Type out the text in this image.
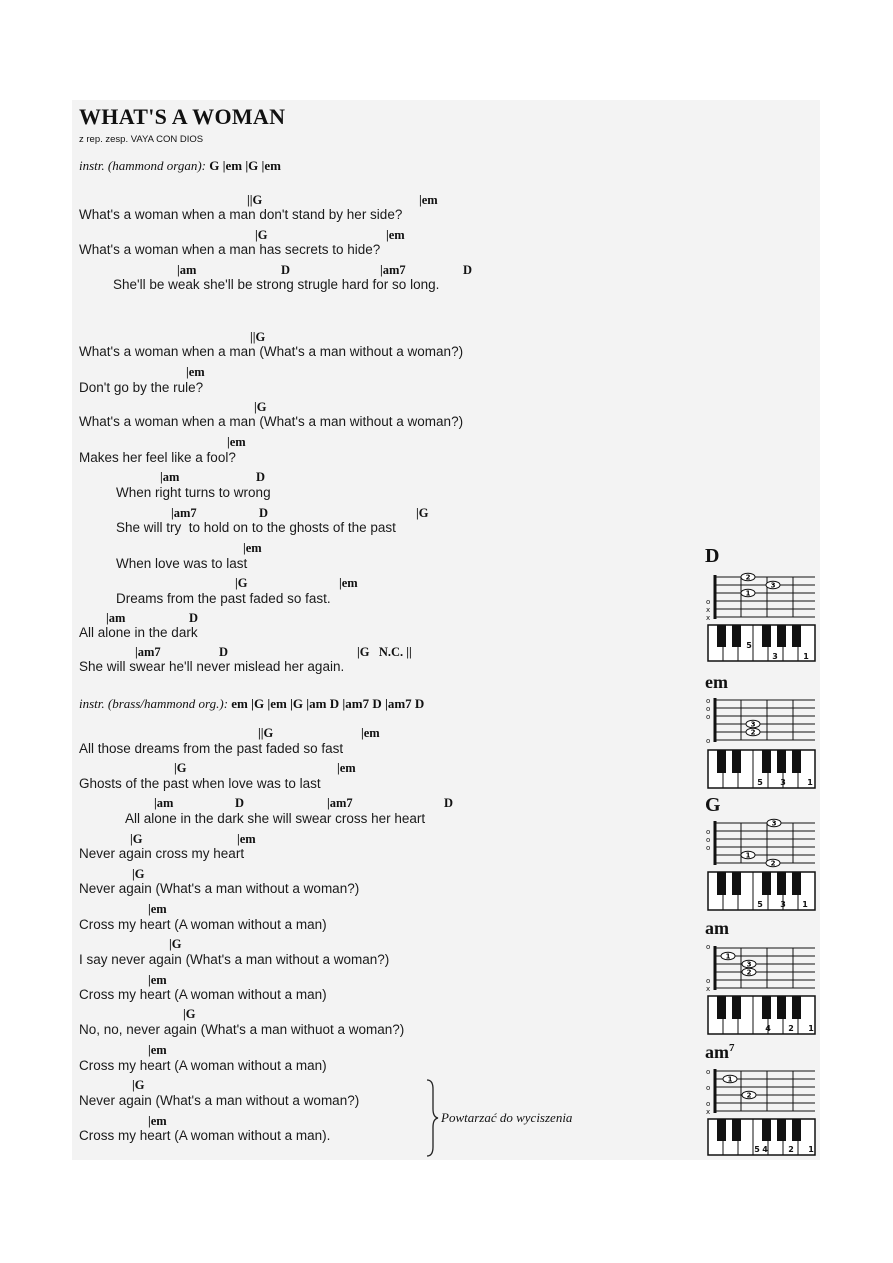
WHAT'S A WOMAN
z rep. zesp. VAYA CON DIOS
instr. (hammond organ): G |em |G |em

||G

	|em

What's a woman when a man don't stand by her side?

|G

	|em

What's a woman when a man has secrets to hide?

|am

	D

	|am7

	D

She'll be weak she'll be strong strugle hard for so long.

||G

What's a woman when a man (What's a man without a woman?)

|em

Don't go by the rule?

|G

What's a woman when a man (What's a man without a woman?)

|em

Makes her feel like a fool?

|am

	D

When right turns to wrong

|am7

	D

	|G

She will try  to hold on to the ghosts of the past

|em

When love was to last

|G

	|em

Dreams from the past faded so fast.

|am

	D

All alone in the dark

|am7

	D

	|G   N.C. ||

She will swear he'll never mislead her again.
instr. (brass/hammond org.): em |G |em |G |am D |am7 D |am7 D

||G

	|em

All those dreams from the past faded so fast

|G

	|em

Ghosts of the past when love was to last

|am

	D

	|am7

	D

All alone in the dark she will swear cross her heart

|G

	|em

Never again cross my heart

|G

Never again (What's a man without a woman?)

|em

Cross my heart (A woman without a man)

|G

I say never again (What's a man without a woman?)

|em

Cross my heart (A woman without a man)

|G

No, no, never again (What's a man withuot a woman?)

|em

Cross my heart (A woman without a man)

|G

Never again (What's a man without a woman?)

|em

Cross my heart (A woman without a man).
Powtarzać do wyciszenia
D
o
x
x
2
1
3
5
3	1
em
o
o
o
o
3
2
5 3	1
G
o
o
o
3
1
2
5 3 1
am
o
o
x
1
3
2
4 2 1
$am^7$
o
o
o
x
1
2
5 4	2 1
